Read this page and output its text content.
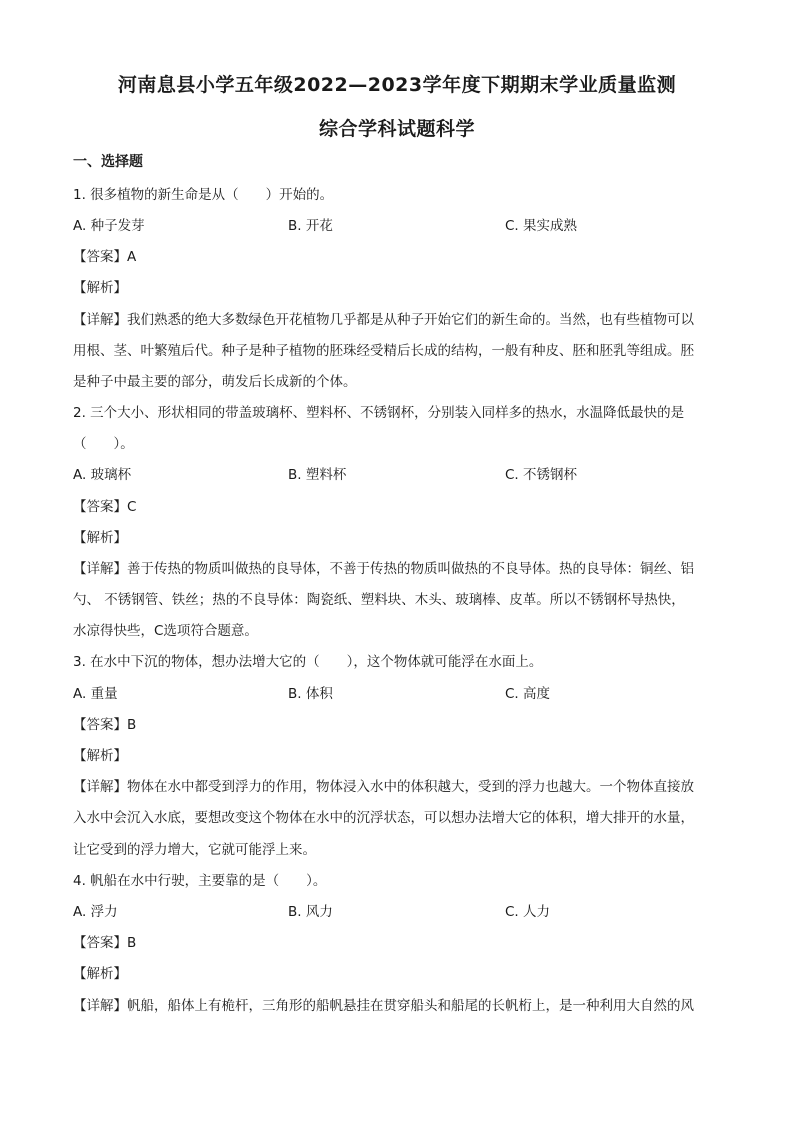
河南息县小学五年级2022—2023学年度下期期末学业质量监测
综合学科试题科学
一、选择题
1. 很多植物的新生命是从（　　）开始的。
A. 种子发芽	B. 开花	C. 果实成熟
【答案】A
【解析】
【详解】我们熟悉的绝大多数绿色开花植物几乎都是从种子开始它们的新生命的。当然，也有些植物可以
用根、茎、叶繁殖后代。种子是种子植物的胚珠经受精后长成的结构，一般有种皮、胚和胚乳等组成。胚
是种子中最主要的部分，萌发后长成新的个体。
2. 三个大小、形状相同的带盖玻璃杯、塑料杯、不锈钢杯，分别装入同样多的热水，水温降低最快的是
（　　）。
A. 玻璃杯	B. 塑料杯	C. 不锈钢杯
【答案】C
【解析】
【详解】善于传热的物质叫做热的良导体，不善于传热的物质叫做热的不良导体。热的良导体：铜丝、铝
勺、 不锈钢管、铁丝；热的不良导体：陶瓷纸、塑料块、木头、玻璃棒、皮革。所以不锈钢杯导热快，
水凉得快些，C选项符合题意。
3. 在水中下沉的物体，想办法增大它的（　　），这个物体就可能浮在水面上。
A. 重量	B. 体积	C. 高度
【答案】B
【解析】
【详解】物体在水中都受到浮力的作用，物体浸入水中的体积越大，受到的浮力也越大。一个物体直接放
入水中会沉入水底，要想改变这个物体在水中的沉浮状态，可以想办法增大它的体积，增大排开的水量，
让它受到的浮力增大，它就可能浮上来。
4. 帆船在水中行驶，主要靠的是（　　）。
A. 浮力	B. 风力	C. 人力
【答案】B
【解析】
【详解】帆船，船体上有桅杆，三角形的船帆悬挂在贯穿船头和船尾的长帆桁上，是一种利用大自然的风
